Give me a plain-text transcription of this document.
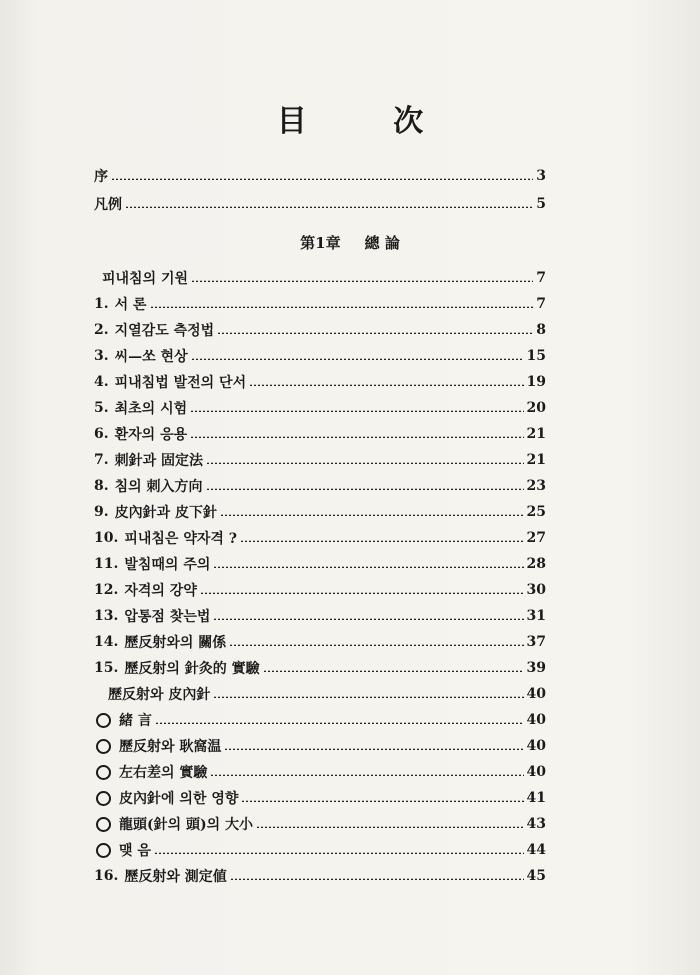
目 次
序	3
凡例	5
第1章 總 論
피내침의 기원	7
1. 서 론	7
2. 지열감도 측정법	8
3. 씨—쏘 현상	15
4. 피내침법 발전의 단서	19
5. 최초의 시험	20
6. 환자의 응용	21
7. 刺針과 固定法	21
8. 침의 刺入方向	23
9. 皮內針과 皮下針	25
10. 피내침은 약자격 ?	27
11. 발침때의 주의	28
12. 자격의 강약	30
13. 압통점 찾는법	31
14. 歷反射와의 關係	37
15. 歷反射의 針灸的 實驗	39
歷反射와 皮內針	40
緒 言	40
歷反射와 耿窩温	40
左右差의 實驗	40
皮內針에 의한 영향	41
龍頭(針의 頭)의 大小	43
맺 음	44
16. 歷反射와 測定値	45
